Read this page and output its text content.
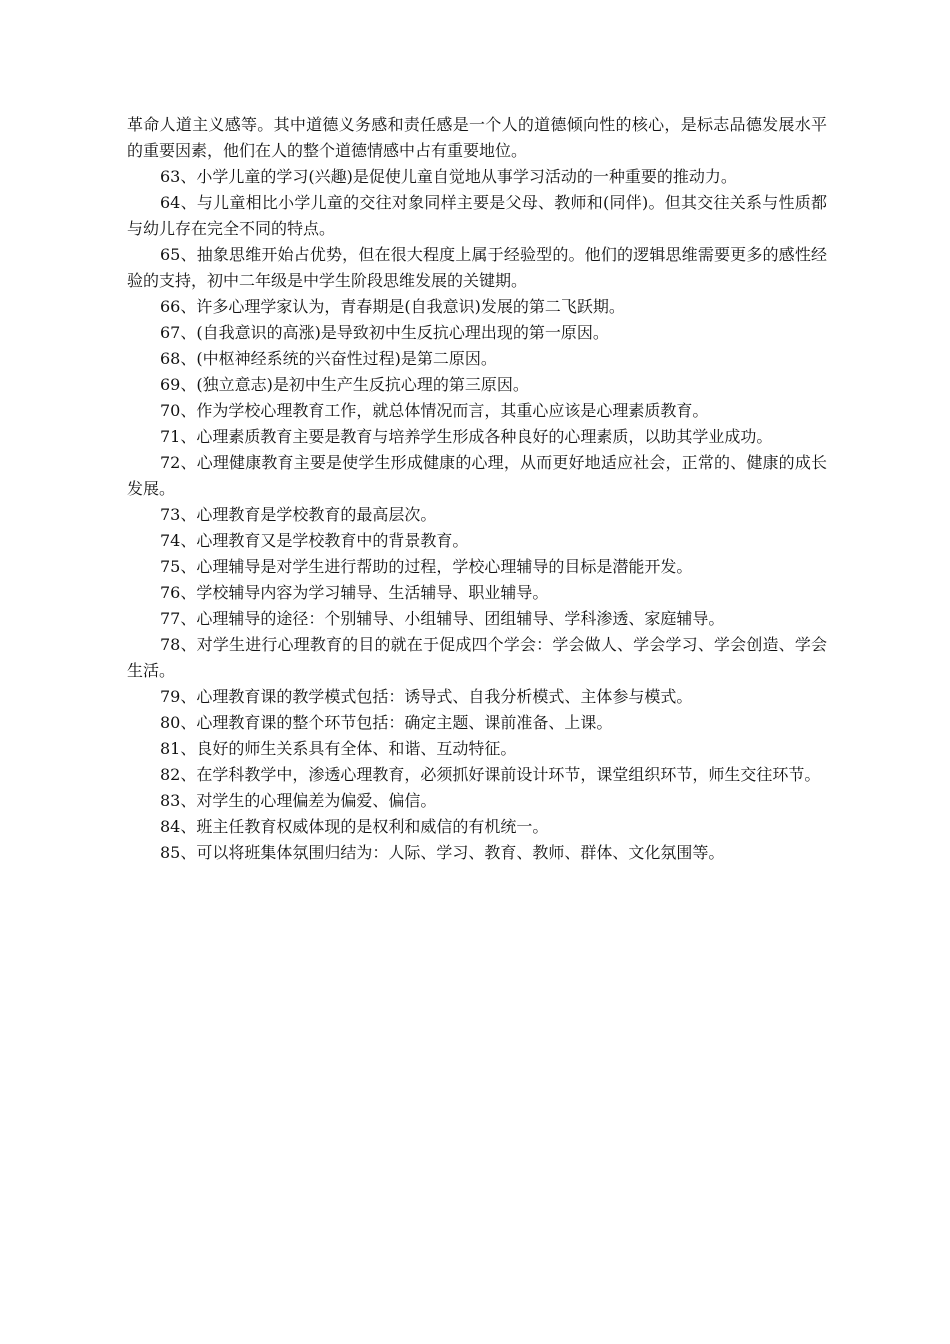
革命人道主义感等。其中道德义务感和责任感是一个人的道德倾向性的核心，是标志品德发展水平的重要因素，他们在人的整个道德情感中占有重要地位。

63、小学儿童的学习(兴趣)是促使儿童自觉地从事学习活动的一种重要的推动力。

64、与儿童相比小学儿童的交往对象同样主要是父母、教师和(同伴)。但其交往关系与性质都与幼儿存在完全不同的特点。

65、抽象思维开始占优势，但在很大程度上属于经验型的。他们的逻辑思维需要更多的感性经验的支持，初中二年级是中学生阶段思维发展的关键期。

66、许多心理学家认为，青春期是(自我意识)发展的第二飞跃期。

67、(自我意识的高涨)是导致初中生反抗心理出现的第一原因。

68、(中枢神经系统的兴奋性过程)是第二原因。

69、(独立意志)是初中生产生反抗心理的第三原因。

70、作为学校心理教育工作，就总体情况而言，其重心应该是心理素质教育。

71、心理素质教育主要是教育与培养学生形成各种良好的心理素质，以助其学业成功。

72、心理健康教育主要是使学生形成健康的心理，从而更好地适应社会，正常的、健康的成长发展。

73、心理教育是学校教育的最高层次。

74、心理教育又是学校教育中的背景教育。

75、心理辅导是对学生进行帮助的过程，学校心理辅导的目标是潜能开发。

76、学校辅导内容为学习辅导、生活辅导、职业辅导。

77、心理辅导的途径：个别辅导、小组辅导、团组辅导、学科渗透、家庭辅导。

78、对学生进行心理教育的目的就在于促成四个学会：学会做人、学会学习、学会创造、学会生活。

79、心理教育课的教学模式包括：诱导式、自我分析模式、主体参与模式。

80、心理教育课的整个环节包括：确定主题、课前准备、上课。

81、良好的师生关系具有全体、和谐、互动特征。

82、在学科教学中，渗透心理教育，必须抓好课前设计环节，课堂组织环节，师生交往环节。

83、对学生的心理偏差为偏爱、偏信。

84、班主任教育权威体现的是权利和威信的有机统一。

85、可以将班集体氛围归结为：人际、学习、教育、教师、群体、文化氛围等。
